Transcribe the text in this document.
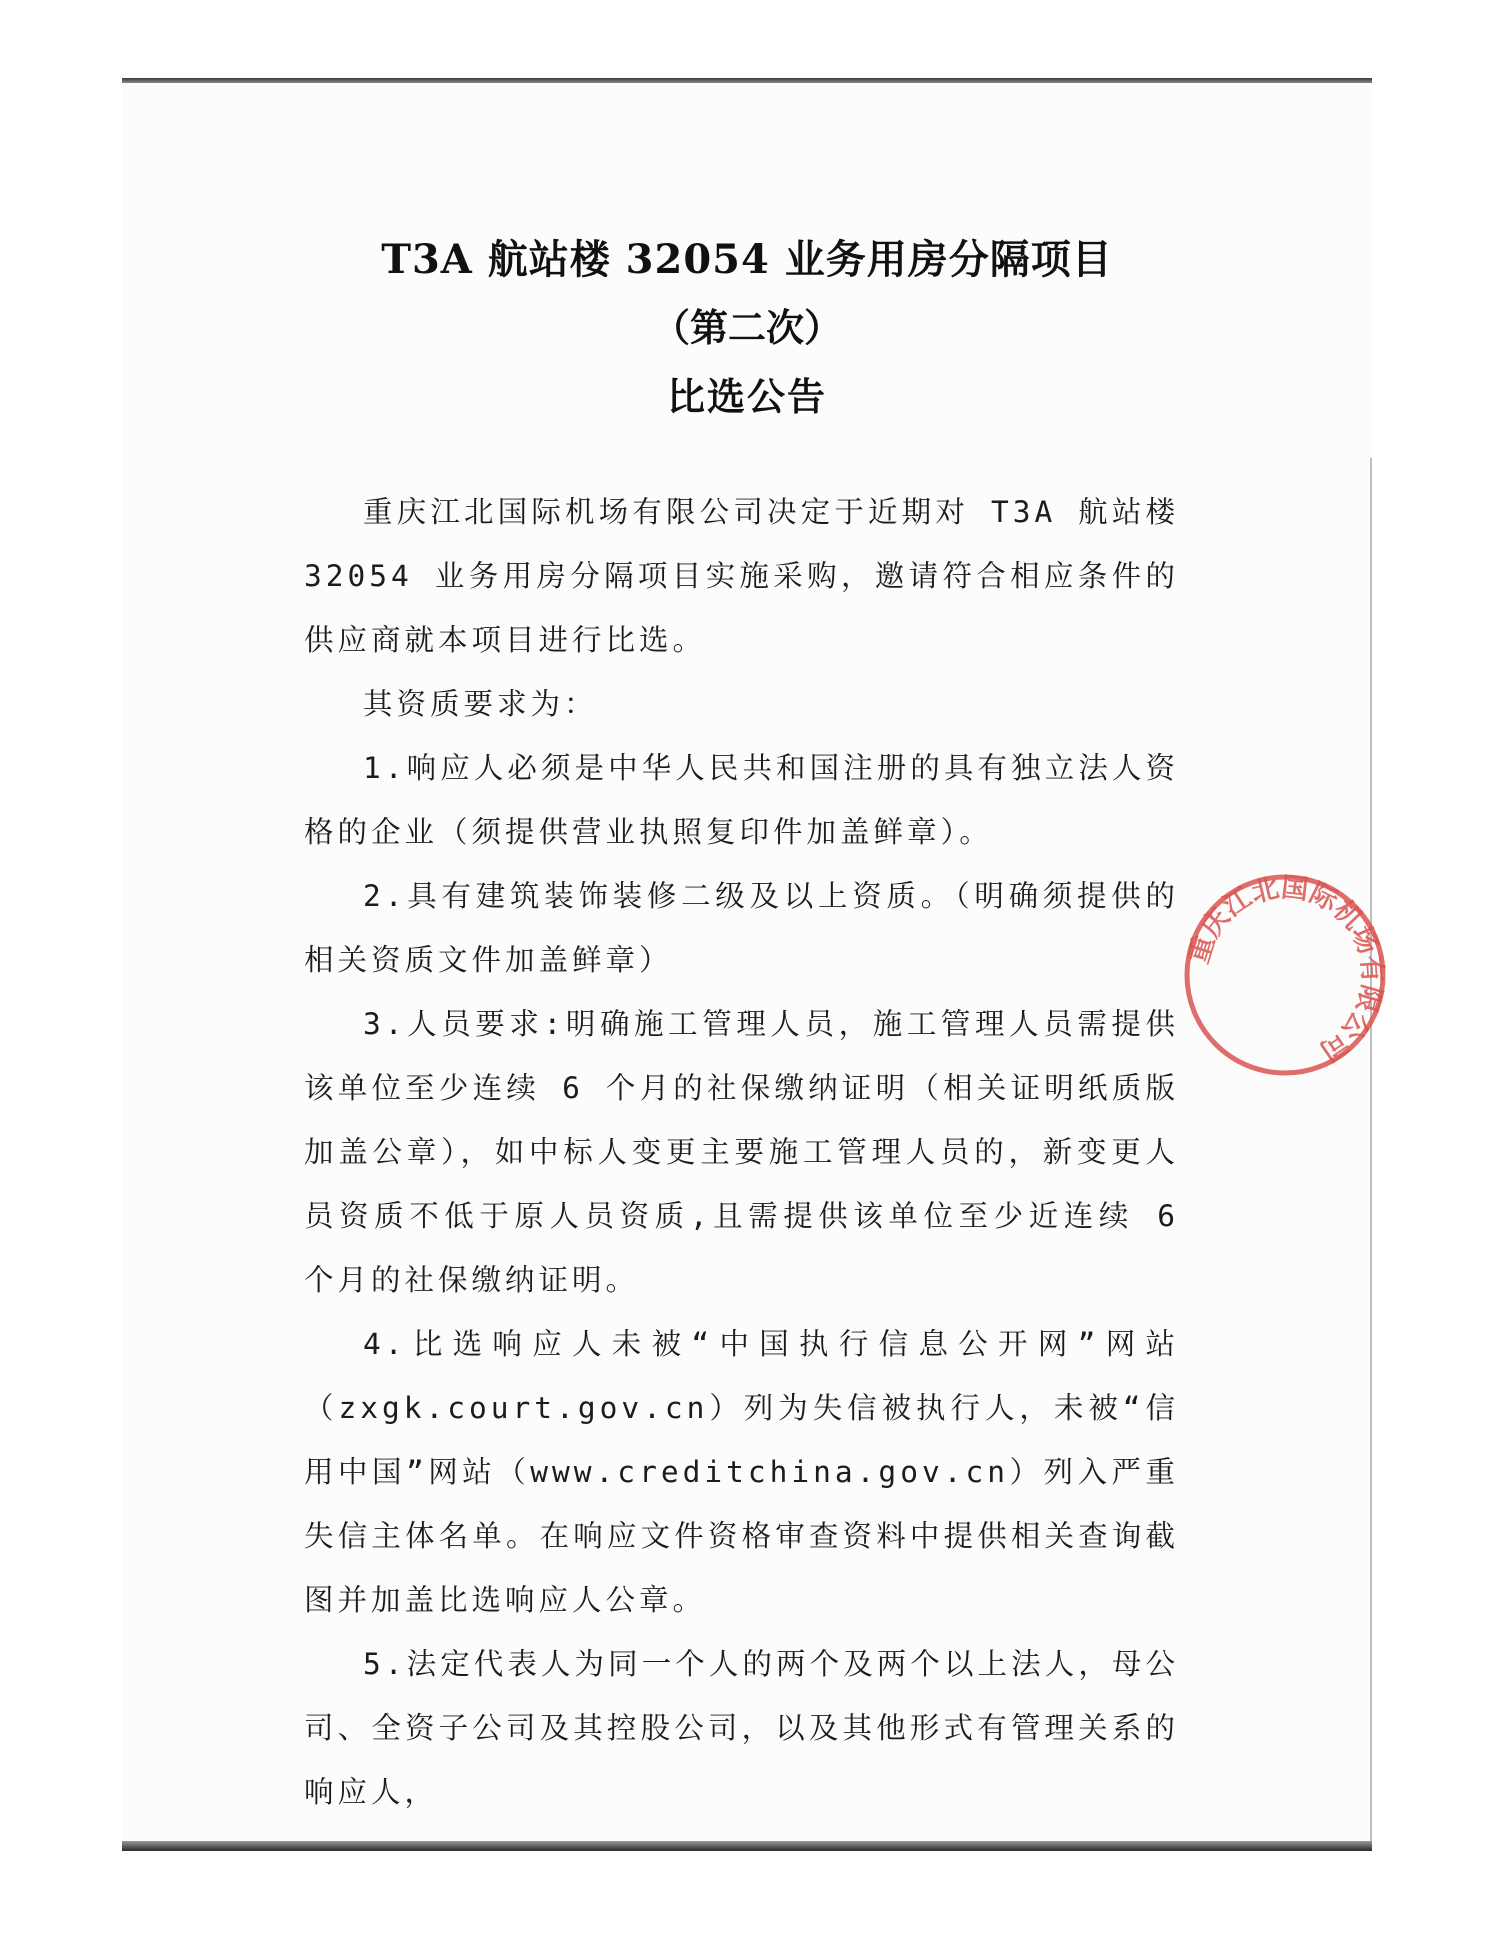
T3A 航站楼 32054 业务用房分隔项目
（第二次）
比选公告

重庆江北国际机场有限公司决定于近期对 T3A 航站楼 32054 业务用房分隔项目实施采购，邀请符合相应条件的供应商就本项目进行比选。

其资质要求为：

1.响应人必须是中华人民共和国注册的具有独立法人资格的企业（须提供营业执照复印件加盖鲜章）。

2.具有建筑装饰装修二级及以上资质。（明确须提供的相关资质文件加盖鲜章）

3.人员要求:明确施工管理人员，施工管理人员需提供该单位至少连续 6 个月的社保缴纳证明（相关证明纸质版加盖公章），如中标人变更主要施工管理人员的，新变更人员资质不低于原人员资质,且需提供该单位至少近连续 6 个月的社保缴纳证明。

4.比选响应人未被“中国执行信息公开网”网站（zxgk.court.gov.cn）列为失信被执行人，未被“信用中国”网站（www.creditchina.gov.cn）列入严重失信主体名单。在响应文件资格审查资料中提供相关查询截图并加盖比选响应人公章。

5.法定代表人为同一个人的两个及两个以上法人，母公司、全资子公司及其控股公司，以及其他形式有管理关系的响应人，

重庆江北国际机场有限公司
